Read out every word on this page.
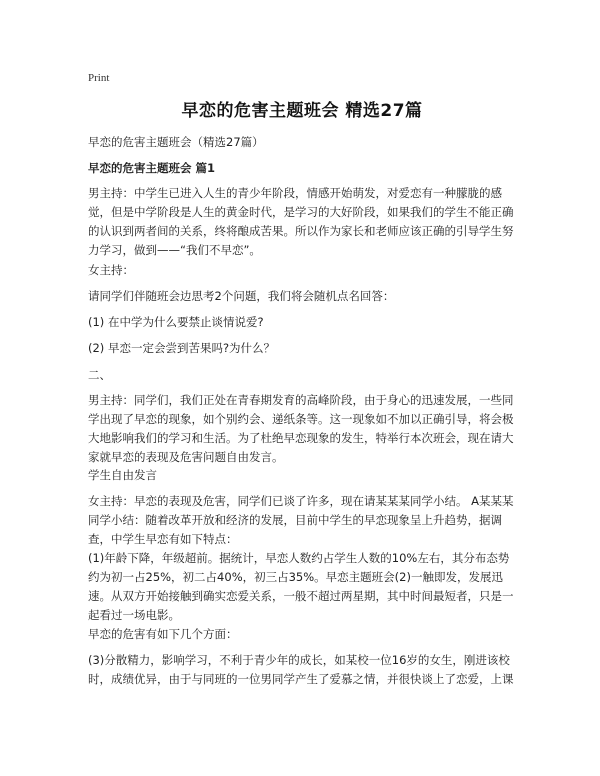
Print
早恋的危害主题班会 精选27篇

早恋的危害主题班会（精选27篇）

早恋的危害主题班会 篇1

男主持：中学生已进入人生的青少年阶段，情感开始萌发，对爱恋有一种朦胧的感觉，但是中学阶段是人生的黄金时代，是学习的大好阶段，如果我们的学生不能正确的认识到两者间的关系，终将酿成苦果。所以作为家长和老师应该正确的引导学生努力学习，做到——“我们不早恋”。

女主持：

请同学们伴随班会边思考2个问题，我们将会随机点名回答：

(1) 在中学为什么要禁止谈情说爱?

(2) 早恋一定会尝到苦果吗?为什么？

二、

男主持：同学们，我们正处在青春期发育的高峰阶段，由于身心的迅速发展，一些同学出现了早恋的现象，如个别约会、递纸条等。这一现象如不加以正确引导，将会极大地影响我们的学习和生活。为了杜绝早恋现象的发生，特举行本次班会，现在请大家就早恋的表现及危害问题自由发言。

学生自由发言

女主持：早恋的表现及危害，同学们已谈了许多，现在请某某某同学小结。 A某某某同学小结：随着改革开放和经济的发展，目前中学生的早恋现象呈上升趋势，据调查，中学生早恋有如下特点：

(1)年龄下降，年级超前。据统计，早恋人数约占学生人数的10%左右，其分布态势约为初一占25%，初二占40%，初三占35%。早恋主题班会(2)一触即发，发展迅速。从双方开始接触到确实恋爱关系，一般不超过两星期，其中时间最短者，只是一起看过一场电影。

早恋的危害有如下几个方面：

(3)分散精力，影响学习，不利于青少年的成长，如某校一位16岁的女生，刚进该校时，成绩优异，由于与同班的一位男同学产生了爱慕之情，并很快谈上了恋爱，上课
